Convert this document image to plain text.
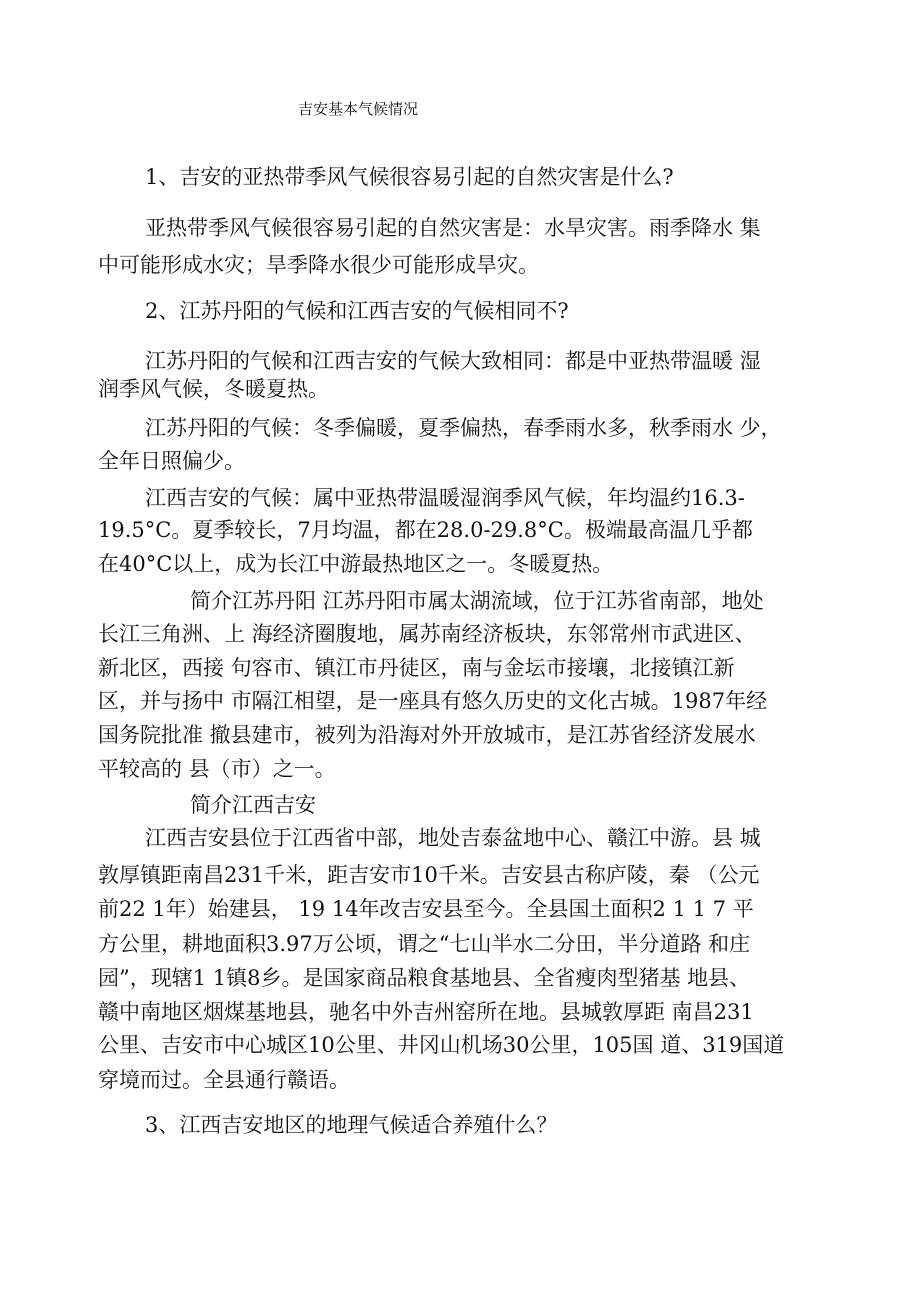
吉安基本气候情况
1、吉安的亚热带季风气候很容易引起的自然灾害是什么?
亚热带季风气候很容易引起的自然灾害是：水旱灾害。雨季降水 集
中可能形成水灾；旱季降水很少可能形成旱灾。
2、江苏丹阳的气候和江西吉安的气候相同不?
江苏丹阳的气候和江西吉安的气候大致相同：都是中亚热带温暖 湿
润季风气候，冬暖夏热。
江苏丹阳的气候：冬季偏暖，夏季偏热，春季雨水多，秋季雨水 少，
全年日照偏少。
江西吉安的气候：属中亚热带温暖湿润季风气候，年均温约16.3-
19.5°C。夏季较长，7月均温，都在28.0-29.8°C。极端最高温几乎都
在40°C以上，成为长江中游最热地区之一。冬暖夏热。
简介江苏丹阳 江苏丹阳市属太湖流域，位于江苏省南部，地处
长江三角洲、上 海经济圈腹地，属苏南经济板块，东邻常州市武进区、
新北区，西接 句容市、镇江市丹徒区，南与金坛市接壤，北接镇江新
区，并与扬中 市隔江相望，是一座具有悠久历史的文化古城。1987年经
国务院批准 撤县建市，被列为沿海对外开放城市，是江苏省经济发展水
平较高的 县（市）之一。
简介江西吉安
江西吉安县位于江西省中部，地处吉泰盆地中心、赣江中游。县 城
敦厚镇距南昌231千米，距吉安市10千米。吉安县古称庐陵，秦 （公元
前22 1年）始建县， 19 14年改吉安县至今。全县国土面积2 1 1 7 平
方公里，耕地面积3.97万公顷，谓之“七山半水二分田，半分道路 和庄
园”，现辖1 1镇8乡。是国家商品粮食基地县、全省瘦肉型猪基 地县、
赣中南地区烟煤基地县，驰名中外吉州窑所在地。县城敦厚距 南昌231
公里、吉安市中心城区10公里、井冈山机场30公里，105国 道、319国道
穿境而过。全县通行赣语。
3、江西吉安地区的地理气候适合养殖什么？
